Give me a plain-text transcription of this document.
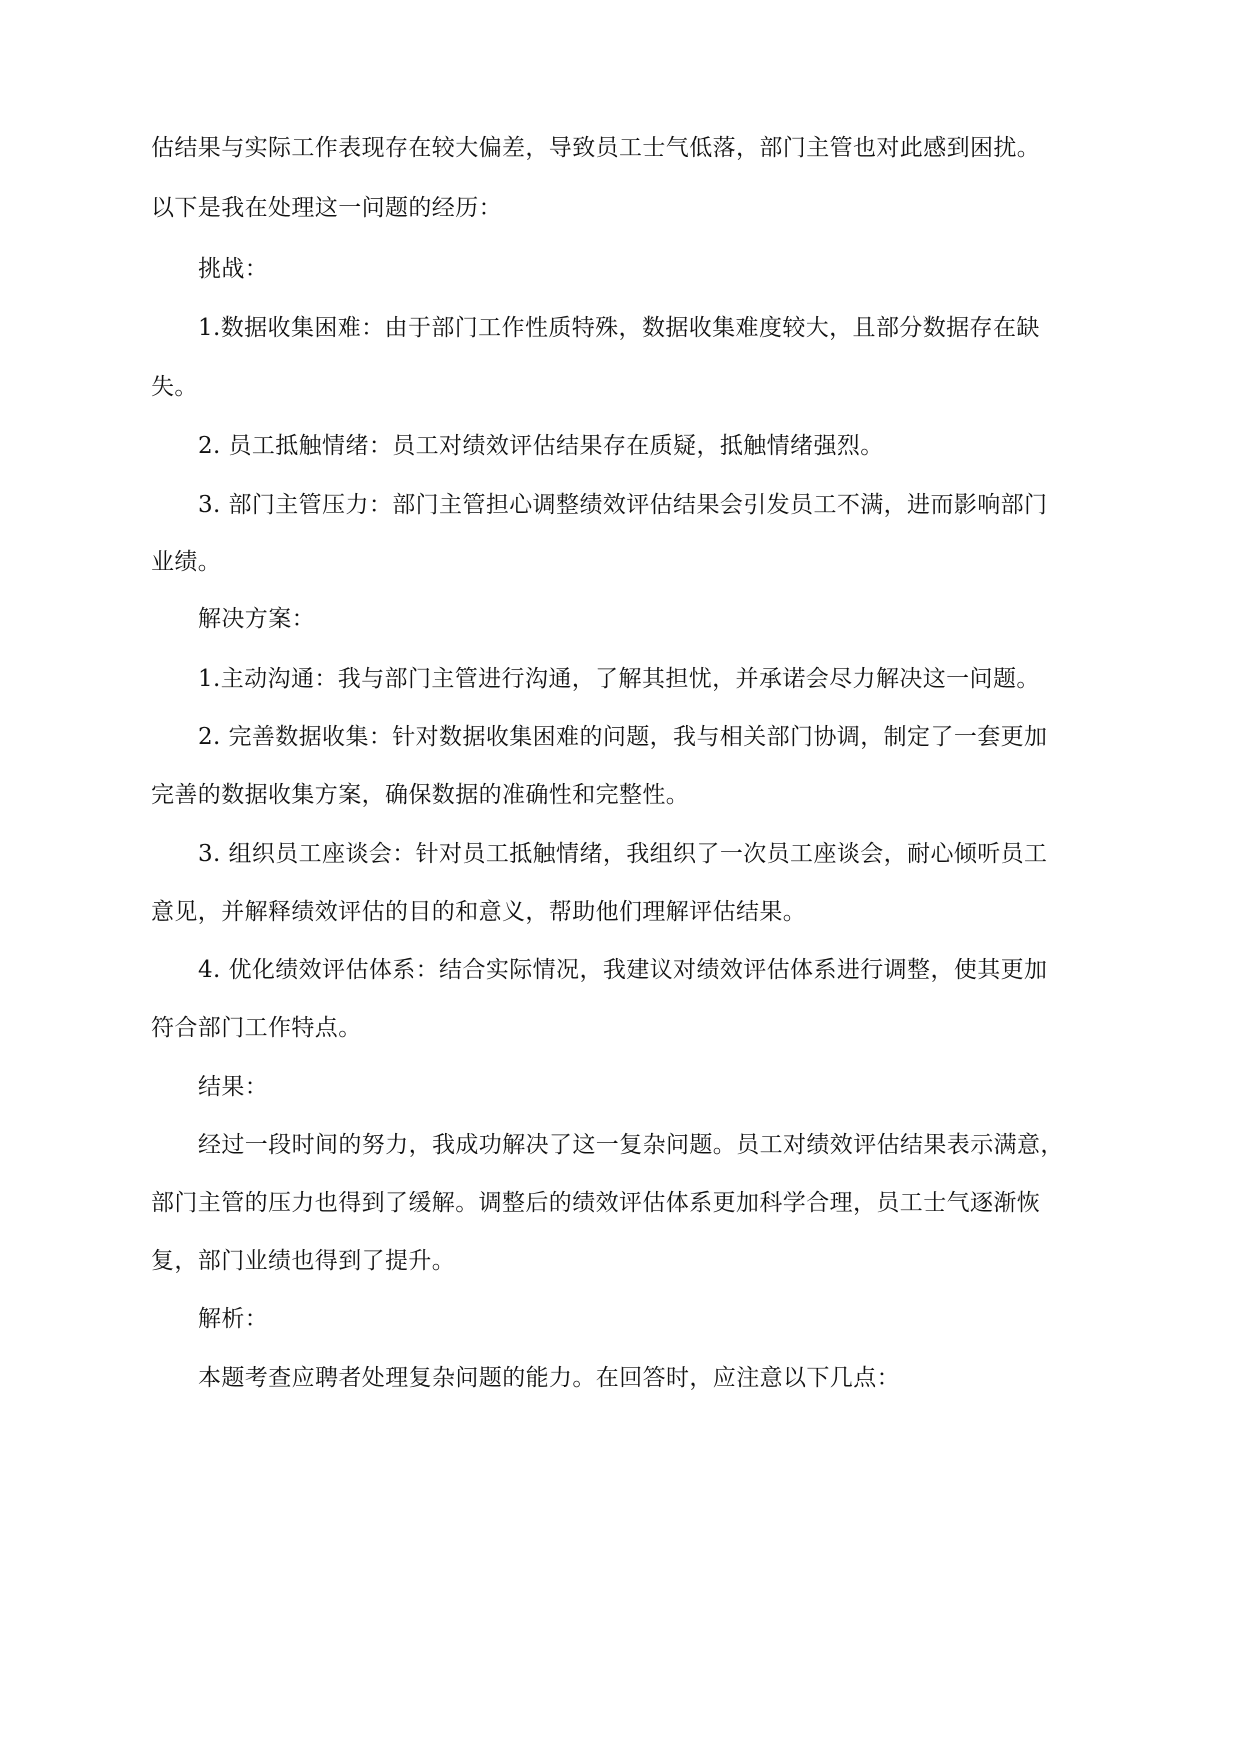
估结果与实际工作表现存在较大偏差，导致员工士气低落，部门主管也对此感到困扰。
以下是我在处理这一问题的经历：
挑战：
1.数据收集困难：由于部门工作性质特殊，数据收集难度较大，且部分数据存在缺
失。
2. 员工抵触情绪：员工对绩效评估结果存在质疑，抵触情绪强烈。
3. 部门主管压力：部门主管担心调整绩效评估结果会引发员工不满，进而影响部门
业绩。
解决方案：
1.主动沟通：我与部门主管进行沟通，了解其担忧，并承诺会尽力解决这一问题。
2. 完善数据收集：针对数据收集困难的问题，我与相关部门协调，制定了一套更加
完善的数据收集方案，确保数据的准确性和完整性。
3. 组织员工座谈会：针对员工抵触情绪，我组织了一次员工座谈会，耐心倾听员工
意见，并解释绩效评估的目的和意义，帮助他们理解评估结果。
4. 优化绩效评估体系：结合实际情况，我建议对绩效评估体系进行调整，使其更加
符合部门工作特点。
结果：
经过一段时间的努力，我成功解决了这一复杂问题。员工对绩效评估结果表示满意，
部门主管的压力也得到了缓解。调整后的绩效评估体系更加科学合理，员工士气逐渐恢
复，部门业绩也得到了提升。
解析：
本题考查应聘者处理复杂问题的能力。在回答时，应注意以下几点：
